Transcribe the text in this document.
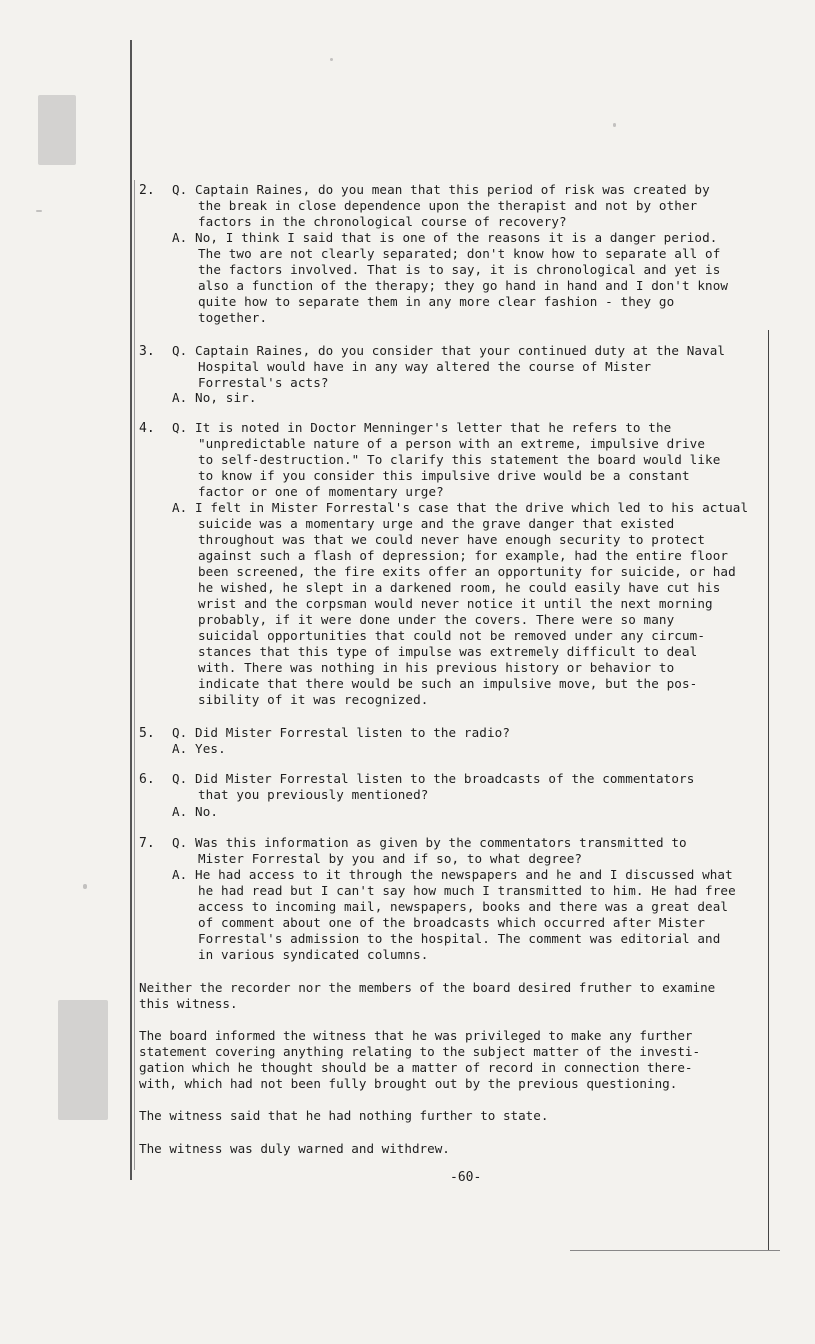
2. Q. Captain Raines, do you mean that this period of risk was created by
the break in close dependence upon the therapist and not by other
factors in the chronological course of recovery?
A. No, I think I said that is one of the reasons it is a danger period.
The two are not clearly separated; don't know how to separate all of
the factors involved. That is to say, it is chronological and yet is
also a function of the therapy; they go hand in hand and I don't know
quite how to separate them in any more clear fashion - they go
together.
3. Q. Captain Raines, do you consider that your continued duty at the Naval
Hospital would have in any way altered the course of Mister
Forrestal's acts?
A. No, sir.
4. Q. It is noted in Doctor Menninger's letter that he refers to the
"unpredictable nature of a person with an extreme, impulsive drive
to self-destruction." To clarify this statement the board would like
to know if you consider this impulsive drive would be a constant
factor or one of momentary urge?
A. I felt in Mister Forrestal's case that the drive which led to his actual
suicide was a momentary urge and the grave danger that existed
throughout was that we could never have enough security to protect
against such a flash of depression; for example, had the entire floor
been screened, the fire exits offer an opportunity for suicide, or had
he wished, he slept in a darkened room, he could easily have cut his
wrist and the corpsman would never notice it until the next morning
probably, if it were done under the covers. There were so many
suicidal opportunities that could not be removed under any circum-
stances that this type of impulse was extremely difficult to deal
with. There was nothing in his previous history or behavior to
indicate that there would be such an impulsive move, but the pos-
sibility of it was recognized.
5. Q. Did Mister Forrestal listen to the radio?
A. Yes.
6. Q. Did Mister Forrestal listen to the broadcasts of the commentators
that you previously mentioned?
A. No.
7. Q. Was this information as given by the commentators transmitted to
Mister Forrestal by you and if so, to what degree?
A. He had access to it through the newspapers and he and I discussed what
he had read but I can't say how much I transmitted to him. He had free
access to incoming mail, newspapers, books and there was a great deal
of comment about one of the broadcasts which occurred after Mister
Forrestal's admission to the hospital. The comment was editorial and
in various syndicated columns.
Neither the recorder nor the members of the board desired fruther to examine
this witness.
The board informed the witness that he was privileged to make any further
statement covering anything relating to the subject matter of the investi-
gation which he thought should be a matter of record in connection there-
with, which had not been fully brought out by the previous questioning.
The witness said that he had nothing further to state.
The witness was duly warned and withdrew.
-60-
